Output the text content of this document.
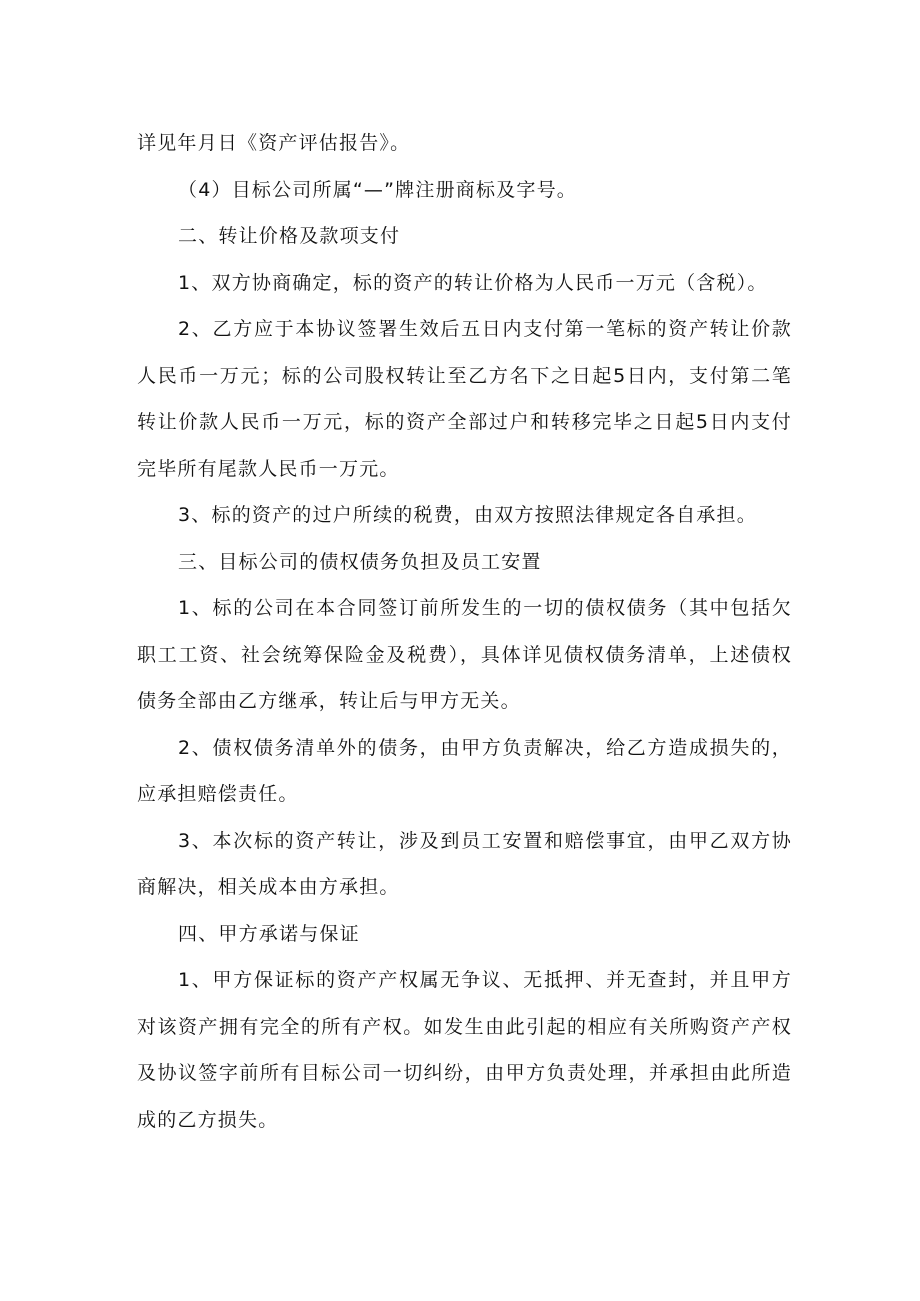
详见年月日《资产评估报告》。

（4）目标公司所属“—”牌注册商标及字号。

二、转让价格及款项支付

1、双方协商确定，标的资产的转让价格为人民币一万元（含税）。

2、乙方应于本协议签署生效后五日内支付第一笔标的资产转让价款人民币一万元；标的公司股权转让至乙方名下之日起5日内，支付第二笔转让价款人民币一万元，标的资产全部过户和转移完毕之日起5日内支付完毕所有尾款人民币一万元。

3、标的资产的过户所续的税费，由双方按照法律规定各自承担。

三、目标公司的债权债务负担及员工安置

1、标的公司在本合同签订前所发生的一切的债权债务（其中包括欠职工工资、社会统筹保险金及税费），具体详见债权债务清单，上述债权债务全部由乙方继承，转让后与甲方无关。

2、债权债务清单外的债务，由甲方负责解决，给乙方造成损失的，应承担赔偿责任。

3、本次标的资产转让，涉及到员工安置和赔偿事宜，由甲乙双方协商解决，相关成本由方承担。

四、甲方承诺与保证

1、甲方保证标的资产产权属无争议、无抵押、并无查封，并且甲方对该资产拥有完全的所有产权。如发生由此引起的相应有关所购资产产权及协议签字前所有目标公司一切纠纷，由甲方负责处理，并承担由此所造成的乙方损失。
